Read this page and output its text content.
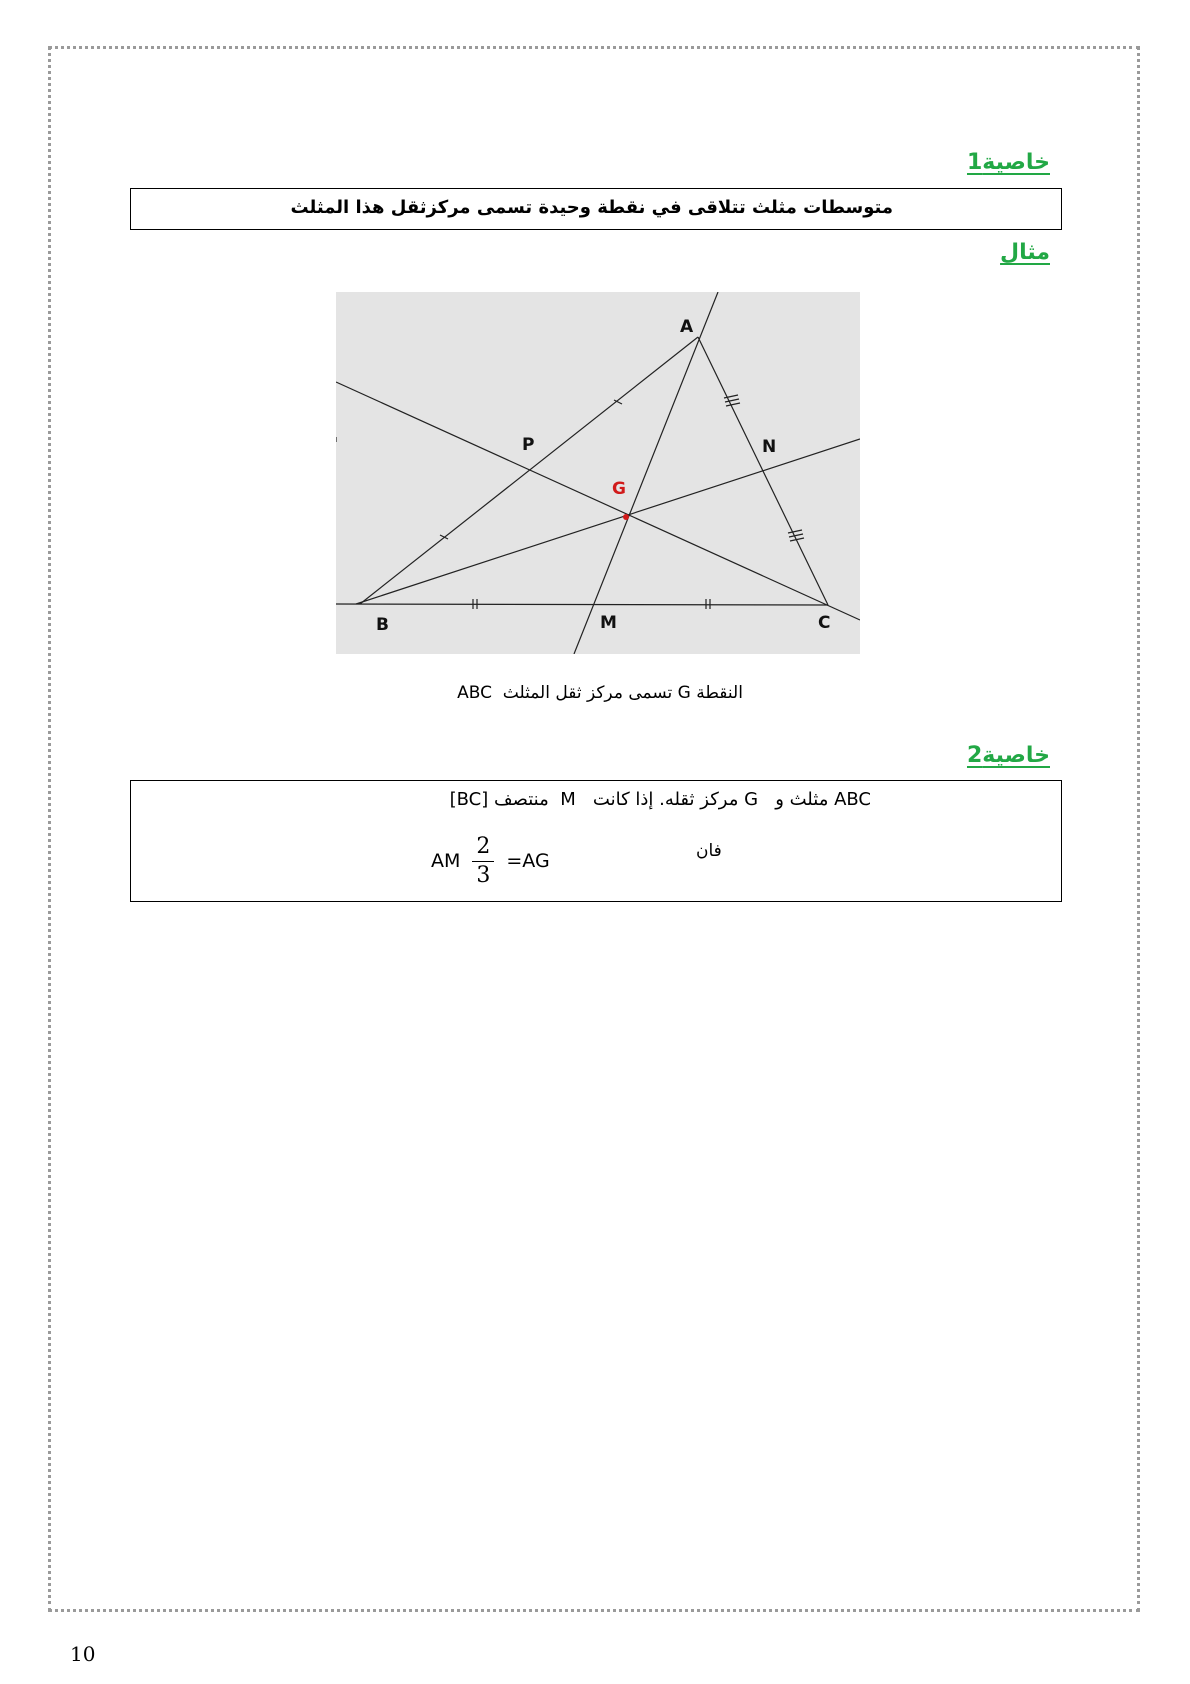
خاصية1
متوسطات مثلث تتلاقى في نقطة وحيدة تسمى مركزثقل هذا المثلث
مثال
A
B	C
M
N
P
G
النقطة G تسمى مركز ثقل المثلث  ABC
خاصية2
ABC مثلث و   G مركز ثقله. إذا كانت   M  منتصف [BC]
AM $\frac{2}{3} =AG$	فان
10
